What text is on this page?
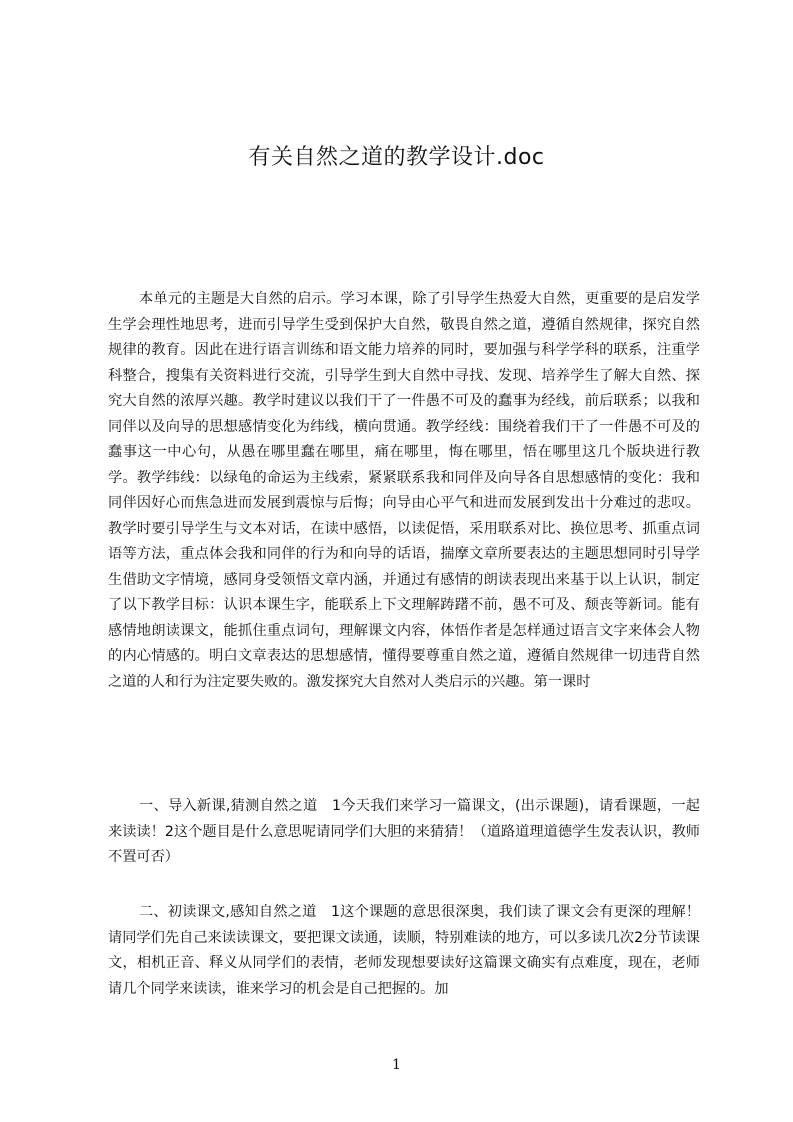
有关自然之道的教学设计.doc

本单元的主题是大自然的启示。学习本课，除了引导学生热爱大自然，更重要的是启发学生学会理性地思考，进而引导学生受到保护大自然，敬畏自然之道，遵循自然规律，探究自然规律的教育。因此在进行语言训练和语文能力培养的同时，要加强与科学学科的联系，注重学科整合，搜集有关资料进行交流，引导学生到大自然中寻找、发现、培养学生了解大自然、探究大自然的浓厚兴趣。教学时建议以我们干了一件愚不可及的蠢事为经线，前后联系；以我和同伴以及向导的思想感情变化为纬线，横向贯通。教学经线：围绕着我们干了一件愚不可及的蠢事这一中心句，从愚在哪里蠢在哪里，痛在哪里，悔在哪里，悟在哪里这几个版块进行教学。教学纬线：以绿龟的命运为主线索，紧紧联系我和同伴及向导各自思想感情的变化：我和同伴因好心而焦急进而发展到震惊与后悔；向导由心平气和进而发展到发出十分难过的悲叹。教学时要引导学生与文本对话，在读中感悟，以读促悟，采用联系对比、换位思考、抓重点词语等方法，重点体会我和同伴的行为和向导的话语，揣摩文章所要表达的主题思想同时引导学生借助文字情境，感同身受领悟文章内涵，并通过有感情的朗读表现出来基于以上认识，制定了以下教学目标：认识本课生字，能联系上下文理解踌躇不前，愚不可及、颓丧等新词。能有感情地朗读课文，能抓住重点词句，理解课文内容，体悟作者是怎样通过语言文字来体会人物的内心情感的。明白文章表达的思想感情，懂得要尊重自然之道，遵循自然规律一切违背自然之道的人和行为注定要失败的。激发探究大自然对人类启示的兴趣。第一课时

一、导入新课,猜测自然之道　1今天我们来学习一篇课文，(出示课题)，请看课题，一起来读读！2这个题目是什么意思呢请同学们大胆的来猜猜！（道路道理道德学生发表认识，教师不置可否）

二、初读课文,感知自然之道　1这个课题的意思很深奥，我们读了课文会有更深的理解！请同学们先自己来读读课文，要把课文读通，读顺，特别难读的地方，可以多读几次2分节读课文，相机正音、释义从同学们的表情，老师发现想要读好这篇课文确实有点难度，现在，老师请几个同学来读读，谁来学习的机会是自己把握的。加

1
